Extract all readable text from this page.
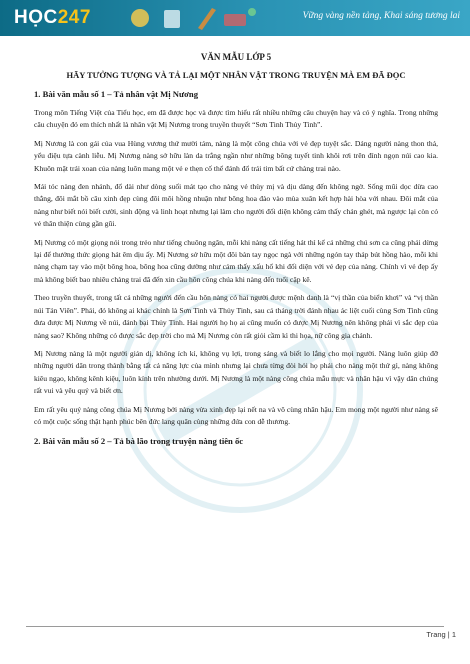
HỌC 247	Vững vàng nền tảng, Khai sáng tương lai
VĂN MẪU LỚP 5
HÃY TƯỞNG TƯỢNG VÀ TẢ LẠI MỘT NHÂN VẬT TRONG TRUYỆN MÀ EM ĐÃ ĐỌC
1. Bài văn mẫu số 1 – Tả nhân vật Mị Nương

Trong môn Tiếng Việt của Tiểu học, em đã được học và được tìm hiểu rất nhiều những câu chuyện hay và có ý nghĩa. Trong những câu chuyện đó em thích nhất là nhân vật Mị Nương trong truyền thuyết “Sơn Tinh Thủy Tinh”.

Mị Nương là con gái của vua Hùng vương thứ mười tám, nàng là một công chúa với vẻ đẹp tuyệt sắc. Dáng người nàng thon thả, yểu điệu tựa cành liễu. Mị Nương nàng sở hữu làn da trắng ngần như những bông tuyết tinh khôi rơi trên đỉnh ngọn núi cao kia. Khuôn mặt trái xoan của nàng luôn mang một vẻ e thẹn cố thể đánh đổ trái tim bất cứ chàng trai nào.

Mái tóc nàng đen nhánh, đổ dài như dòng suối mát tạo cho nàng vẻ thùy mị và dịu dàng đến không ngờ. Sống mũi dọc dừa cao thẳng, đôi mắt bồ câu xinh đẹp cùng đôi môi hồng nhuận như bông hoa đào vào mùa xuân kết hợp hài hòa với nhau. Đôi mắt của nàng như biết nói biết cười, sinh động và linh hoạt nhưng lại làm cho người đối diện không cảm thấy chán ghét, mà ngược lại còn có vẻ thân thiện cùng gần gũi.

Mị Nương có một giọng nói trong trẻo như tiếng chuông ngân, mỗi khi nàng cất tiếng hát thì kể cả những chú sơn ca cũng phải dừng lại để thưởng thức giọng hát êm dịu ấy. Mị Nương sở hữu một đôi bàn tay ngọc ngà với những ngón tay tháp bút hồng hào, mỗi khi nàng chạm tay vào một bông hoa, bông hoa cũng dường như cảm thấy xấu hổ khi đối diện với vẻ đẹp của nàng. Chính vì vẻ đẹp ấy mà không biết bao nhiêu chàng trai đã đến xin cầu hôn công chúa khi nàng đến tuổi cập kê.

Theo truyền thuyết, trong tất cả những người đến cầu hôn nàng có hai người được mệnh danh là “vị thần của biển khơi” và “vị thần núi Tản Viên”. Phải, đó không ai khác chính là Sơn Tinh và Thủy Tinh, sau cả tháng trời đánh nhau ác liệt cuối cùng Sơn Tinh cũng đưa được Mị Nương về núi, đánh bại Thủy Tinh. Hai người họ họ ai cũng muốn có được Mị Nương nên không phải vì sắc đẹp của nàng sao? Không những có được sắc đẹp trời cho mà Mị Nương còn rất giỏi cầm kì thi họa, nữ công gia chánh.

Mị Nương nàng là một người giản dị, không ích kỉ, không vụ lợi, trong sáng và biết lo lắng cho mọi người. Nàng luôn giúp đỡ những người dân trong thành bằng tất cả năng lực của mình nhưng lại chưa từng đòi hỏi họ phải cho nàng một thứ gì, nàng không kiêu ngạo, không kênh kiệu, luôn kính trên nhường dưới. Mị Nương là một nàng công chúa mẫu mực và nhân hậu vì vậy dân chúng rất vui và yêu quý và biết ơn.

Em rất yêu quý nàng công chúa Mị Nương bởi nàng vừa xinh đẹp lại nết na và vô cùng nhân hậu. Em mong một người như nàng sẽ có một cuộc sống thật hạnh phúc bên đức lang quân cùng những đứa con dễ thương.

2. Bài văn mẫu số 2 – Tả bà lão trong truyện nàng tiên ốc
Trang | 1
